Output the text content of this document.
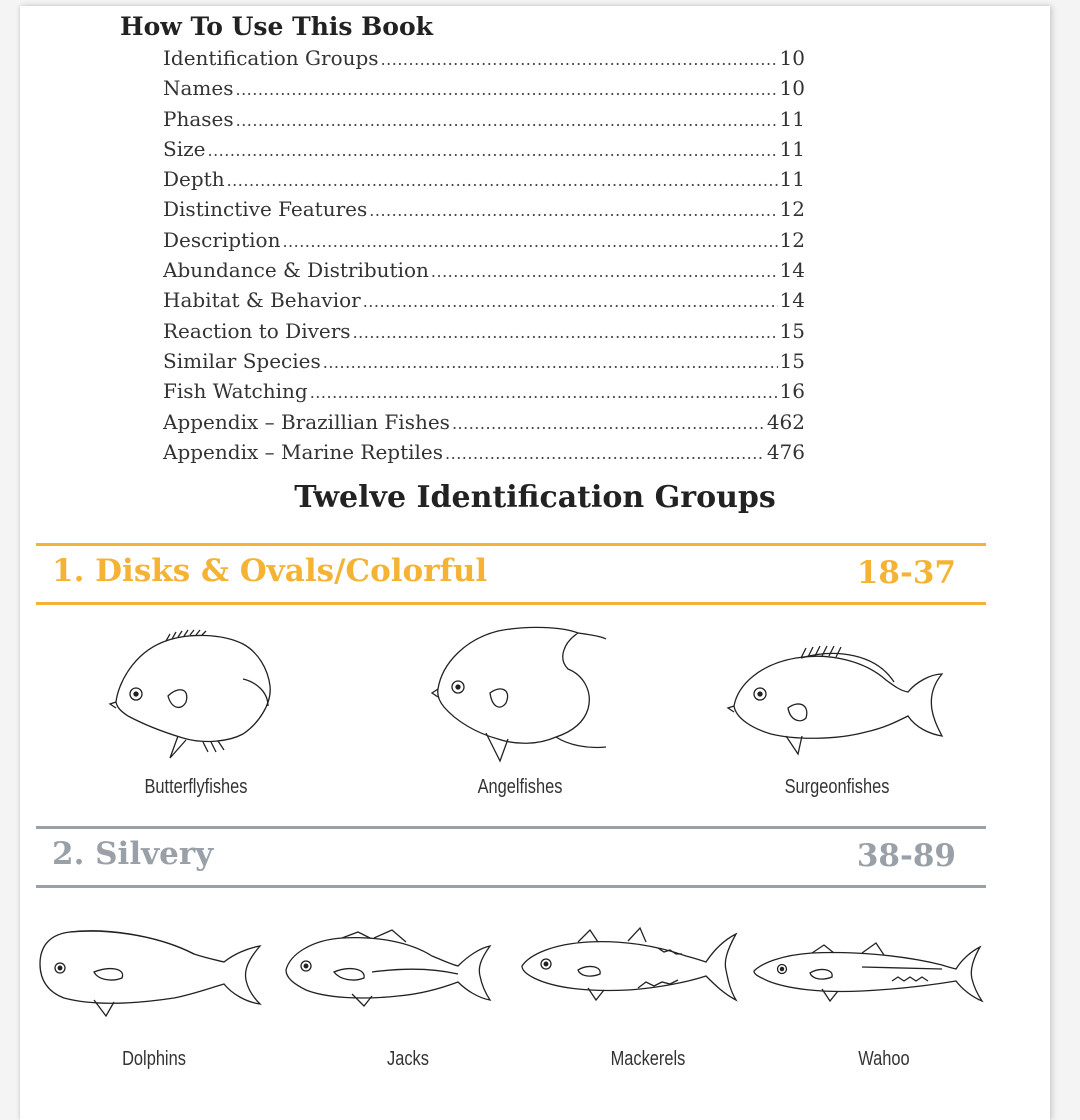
How To Use This Book
Identification Groups .....	10
Names .....	10
Phases .....	11
Size .....	11
Depth .....	11
Distinctive Features .....	12
Description .....	12
Abundance & Distribution .....	14
Habitat & Behavior .....	14
Reaction to Divers .....	15
Similar Species .....	15
Fish Watching .....	16
Appendix – Brazillian Fishes .....	462
Appendix – Marine Reptiles .....	476
Twelve Identification Groups
1. Disks & Ovals/Colorful	18-37
Butterflyfishes	Angelfishes	Surgeonfishes
2. Silvery	38-89
Dolphins	Jacks	Mackerels	Wahoo
